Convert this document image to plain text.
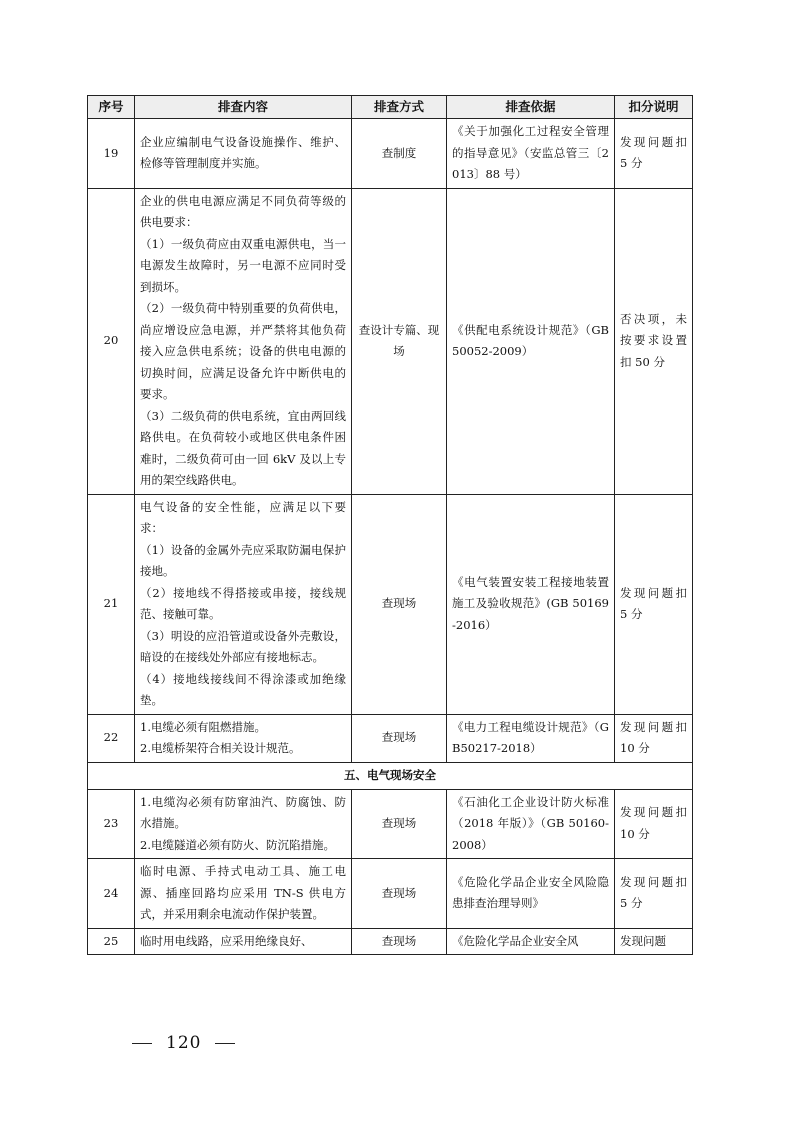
序号	排查内容	排查方式	排查依据	扣分说明
19	企业应编制电气设备设施操作、维护、检修等管理制度并实施。	查制度	《关于加强化工过程安全管理的指导意见》（安监总管三〔2013〕88 号）	发现问题扣 5 分
20	企业的供电电源应满足不同负荷等级的供电要求：
（1）一级负荷应由双重电源供电，当一电源发生故障时，另一电源不应同时受到损坏。
（2）一级负荷中特别重要的负荷供电，尚应增设应急电源，并严禁将其他负荷接入应急供电系统；设备的供电电源的切换时间，应满足设备允许中断供电的要求。
（3）二级负荷的供电系统，宜由两回线路供电。在负荷较小或地区供电条件困难时，二级负荷可由一回 6kV 及以上专用的架空线路供电。	查设计专篇、现场	《供配电系统设计规范》（GB 50052-2009）	否决项，未按要求设置扣 50 分
21	电气设备的安全性能，应满足以下要求：
（1）设备的金属外壳应采取防漏电保护接地。
（2）接地线不得搭接或串接，接线规范、接触可靠。
（3）明设的应沿管道或设备外壳敷设，暗设的在接线处外部应有接地标志。
（4）接地线接线间不得涂漆或加绝缘垫。	查现场	《电气装置安装工程接地装置施工及验收规范》(GB 50169-2016）	发现问题扣 5 分
22	1.电缆必须有阻燃措施。
2.电缆桥架符合相关设计规范。	查现场	《电力工程电缆设计规范》（GB50217-2018）	发现问题扣 10 分
五、电气现场安全				
23	1.电缆沟必须有防窜油汽、防腐蚀、防水措施。
2.电缆隧道必须有防火、防沉陷措施。	查现场	《石油化工企业设计防火标准（2018 年版）》（GB 50160-2008）	发现问题扣 10 分
24	临时电源、手持式电动工具、施工电源、插座回路均应采用 TN-S 供电方式，并采用剩余电流动作保护装置。	查现场	《危险化学品企业安全风险隐患排查治理导则》	发现问题扣 5 分
25	临时用电线路，应采用绝缘良好、	查现场	《危险化学品企业安全风	发现问题
120
